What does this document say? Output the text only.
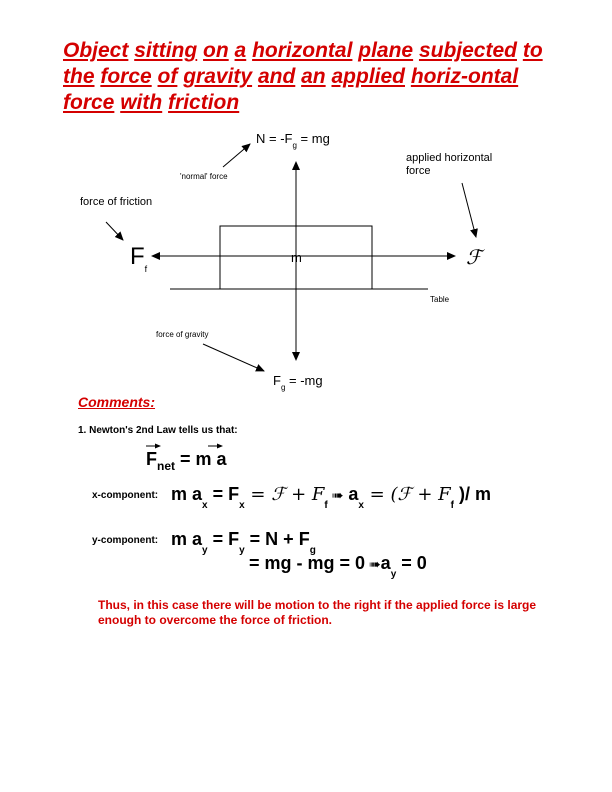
Object sitting on a horizontal plane subjected to the force of gravity and an applied horiz-ontal force with friction
$N = -F_g$ = mg
'normal' force
applied horizontal
force
force of friction
$F_f$
m	ℱ
Table
force of gravity
$F_g = -mg$
Comments:
1. Newton's 2nd Law tells us that:
$F_{net} = m$ a
x-component: m $a_x = F_x$ = ℱ + $F_f$ ➠ $a_x$ = (ℱ + $F_f$ )/ m
y-component: m $a_y = F_y = N + F_g$
= mg - mg = 0 $➠a_y = 0$
Thus, in this case there will be motion to the right if the applied force is large enough to overcome the force of friction.
